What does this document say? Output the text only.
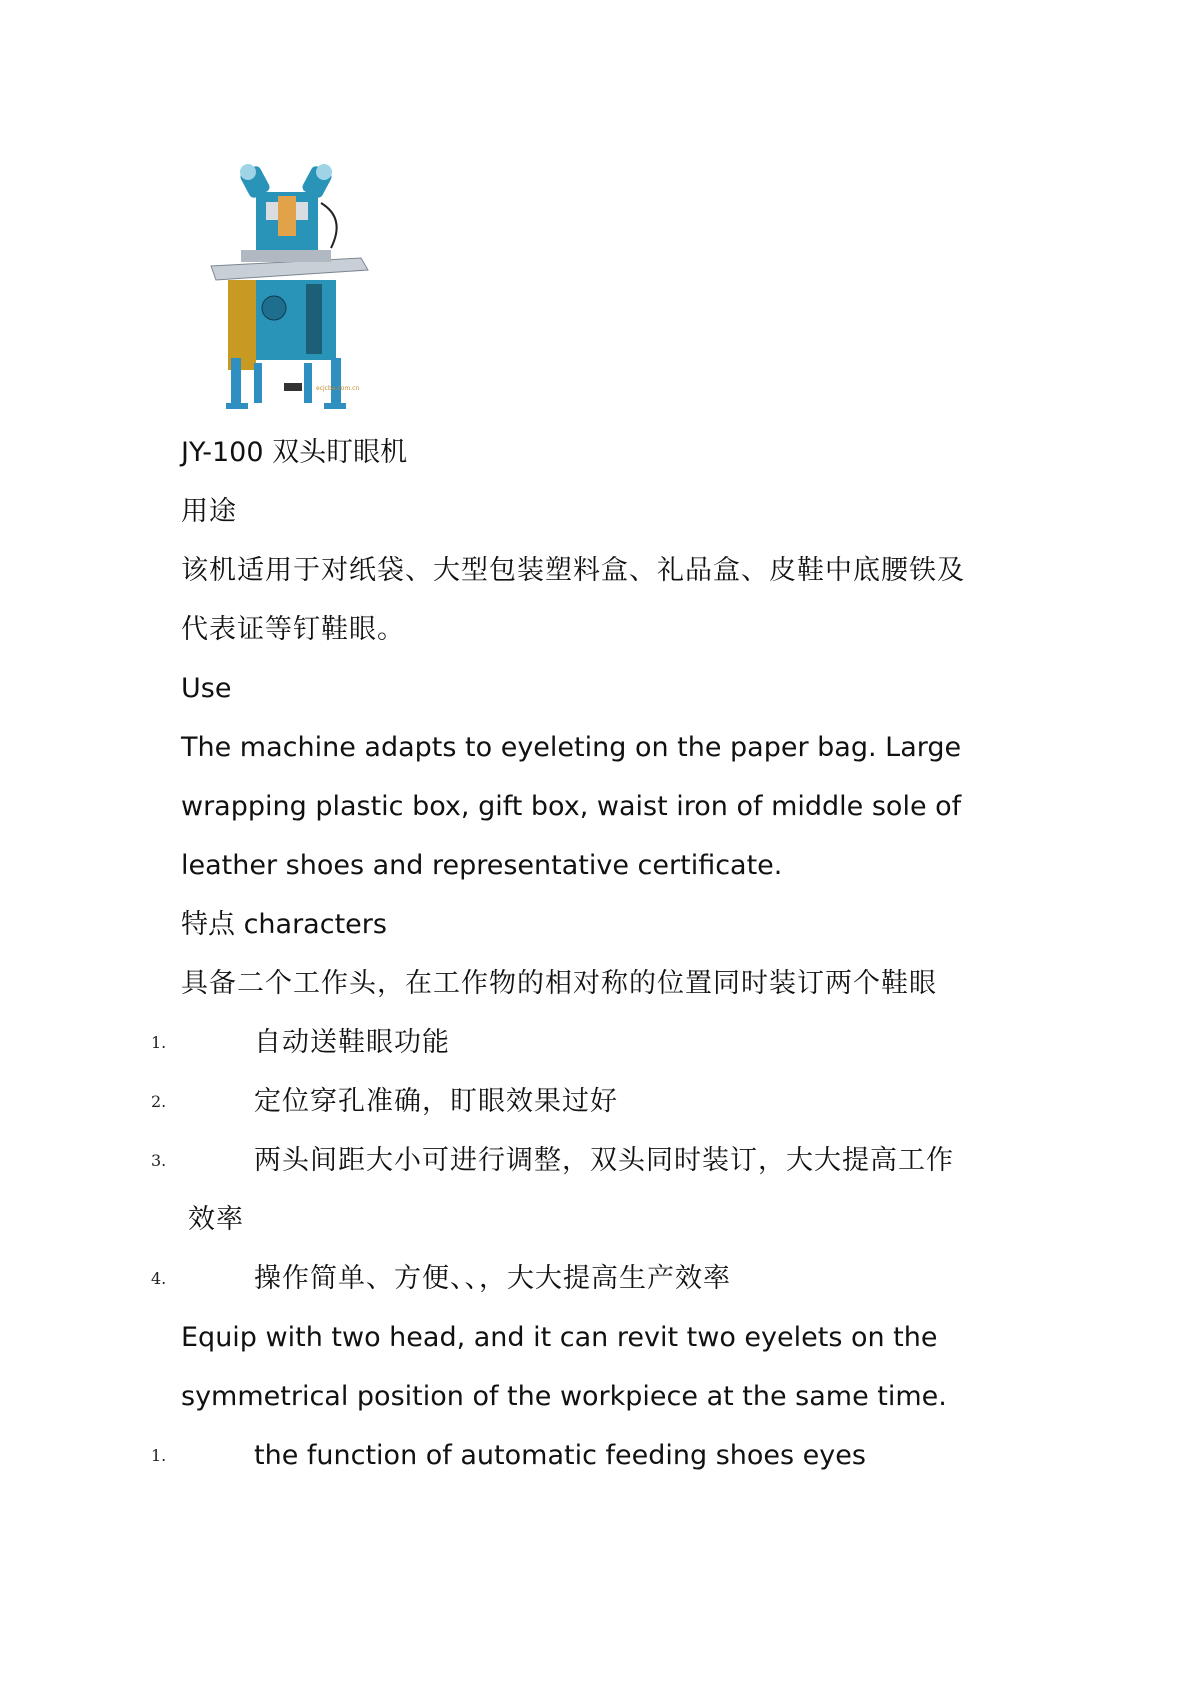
ecjcba.com.cn
JY-100 双头盯眼机
用途
该机适用于对纸袋、大型包装塑料盒、礼品盒、皮鞋中底腰铁及
代表证等钉鞋眼。
Use
The machine adapts to eyeleting on the paper bag. Large
wrapping plastic box, gift box, waist iron of middle sole of
leather shoes and representative certificate.
特点 characters
具备二个工作头，在工作物的相对称的位置同时装订两个鞋眼
1.	自动送鞋眼功能
2.	定位穿孔准确，盯眼效果过好
3.	两头间距大小可进行调整，双头同时装订，大大提高工作
效率
4.	操作简单、方便、、，大大提高生产效率
Equip with two head, and it can revit two eyelets on the
symmetrical position of the workpiece at the same time.
1.	the function of automatic feeding shoes eyes
